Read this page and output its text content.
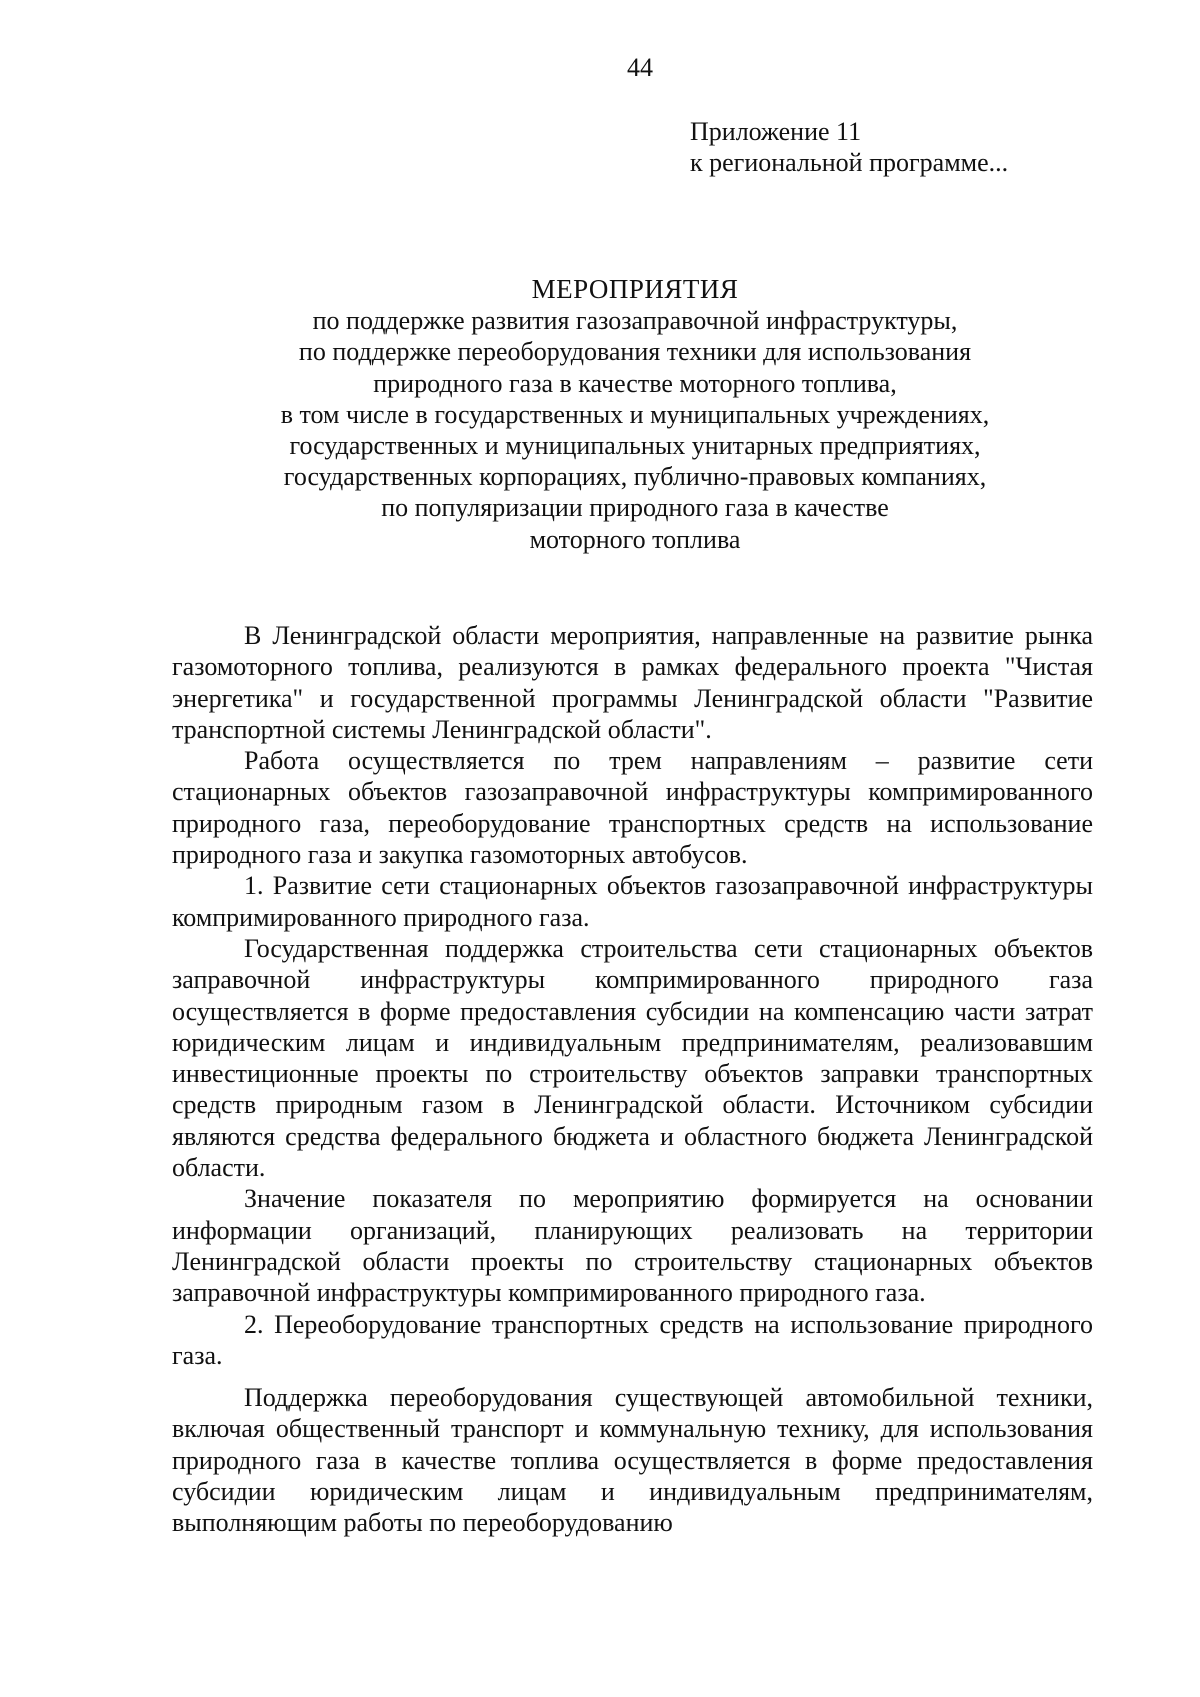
44
Приложение 11
к региональной программе...
МЕРОПРИЯТИЯ
по поддержке развития газозаправочной инфраструктуры,
по поддержке переоборудования техники для использования
природного газа в качестве моторного топлива,
в том числе в государственных и муниципальных учреждениях,
государственных и муниципальных унитарных предприятиях,
государственных корпорациях, публично-правовых компаниях,
по популяризации природного газа в качестве
моторного топлива

В Ленинградской области мероприятия, направленные на развитие рынка газомоторного топлива, реализуются в рамках федерального проекта "Чистая энергетика" и государственной программы Ленинградской области "Развитие транспортной системы Ленинградской области".

Работа осуществляется по трем направлениям – развитие сети стационарных объектов газозаправочной инфраструктуры компримированного природного газа, переоборудование транспортных средств на использование природного газа и закупка газомоторных автобусов.

1. Развитие сети стационарных объектов газозаправочной инфраструктуры компримированного природного газа.

Государственная поддержка строительства сети стационарных объектов заправочной инфраструктуры компримированного природного газа осуществляется в форме предоставления субсидии на компенсацию части затрат юридическим лицам и индивидуальным предпринимателям, реализовавшим инвестиционные проекты по строительству объектов заправки транспортных средств природным газом в Ленинградской области. Источником субсидии являются средства федерального бюджета и областного бюджета Ленинградской области.

Значение показателя по мероприятию формируется на основании информации организаций, планирующих реализовать на территории Ленинградской области проекты по строительству стационарных объектов заправочной инфраструктуры компримированного природного газа.

2. Переоборудование транспортных средств на использование природного газа.

Поддержка переоборудования существующей автомобильной техники, включая общественный транспорт и коммунальную технику, для использования природного газа в качестве топлива осуществляется в форме предоставления субсидии юридическим лицам и индивидуальным предпринимателям, выполняющим работы по переоборудованию
